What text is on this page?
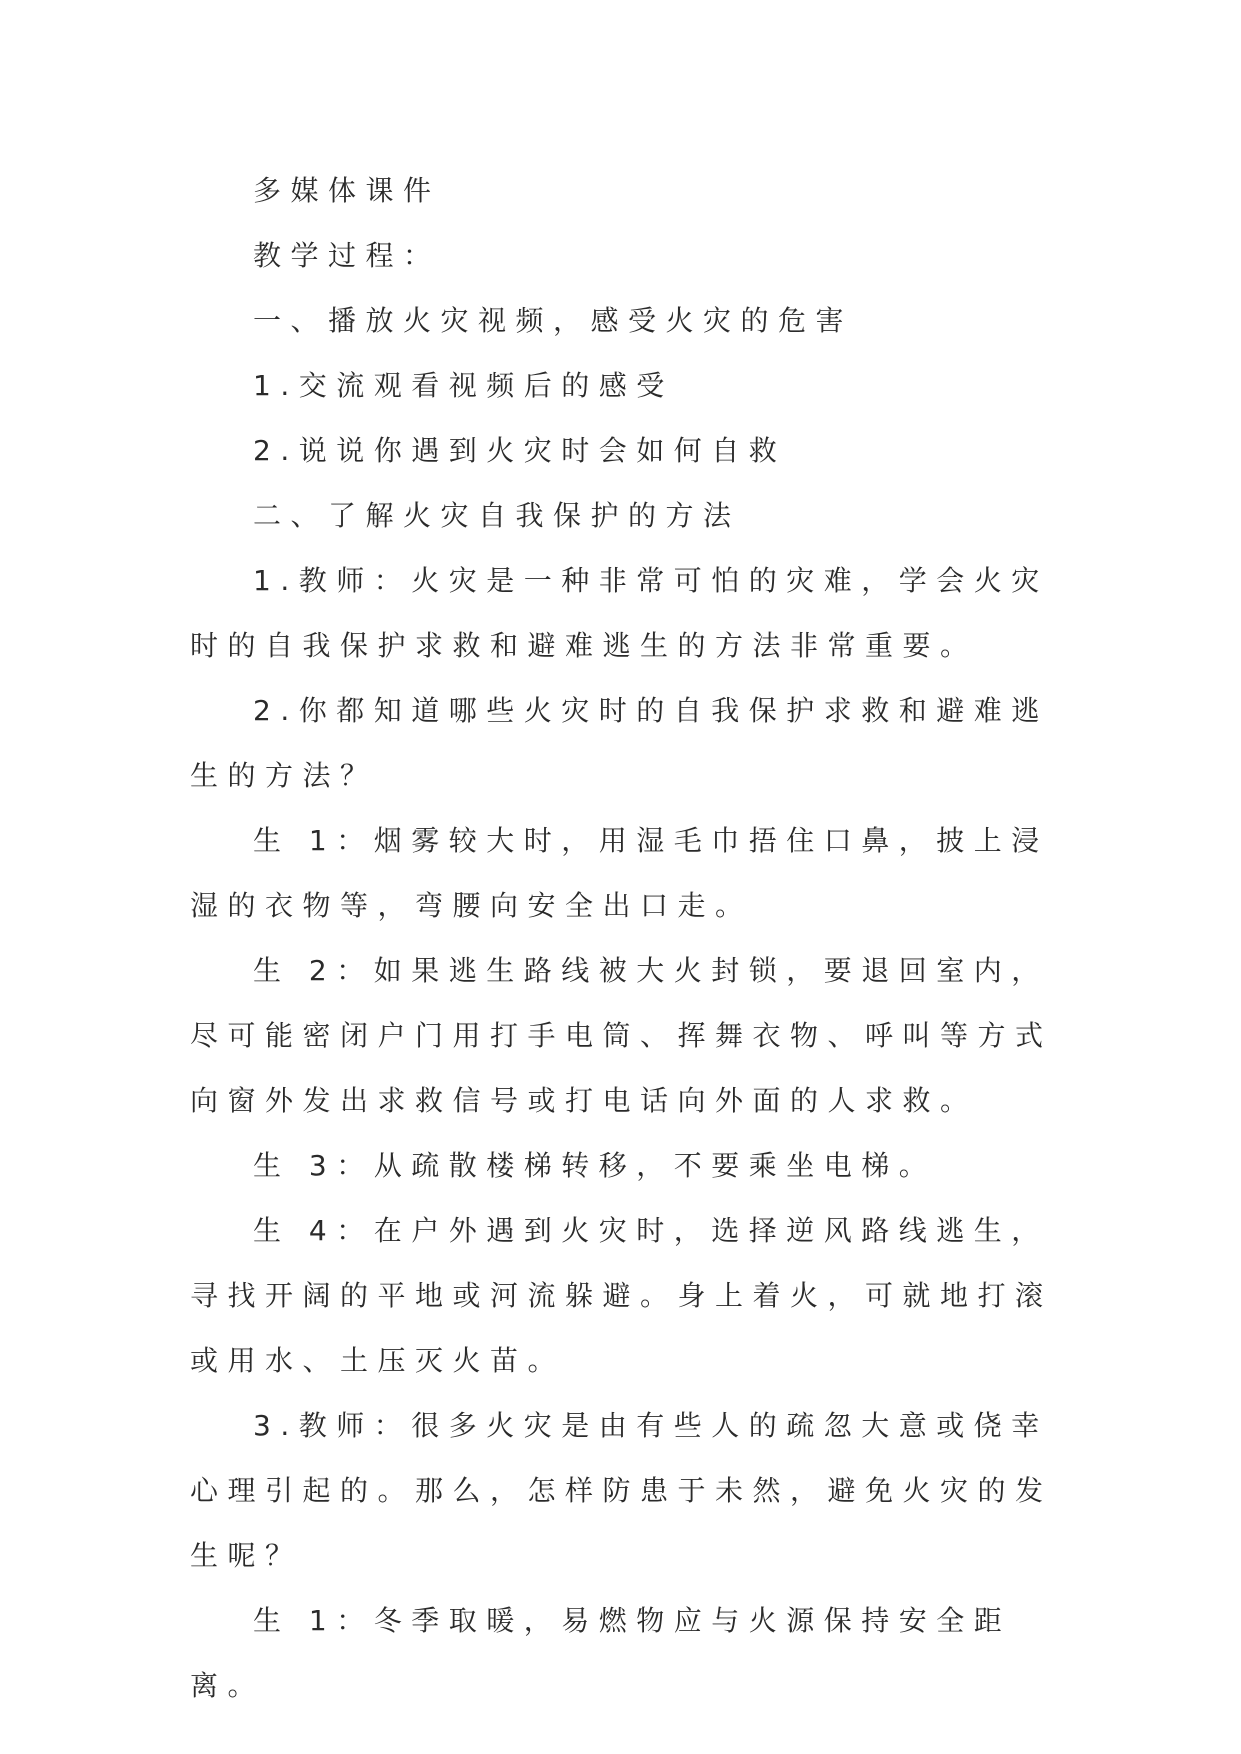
多媒体课件

教学过程：

一、播放火灾视频，感受火灾的危害

1.交流观看视频后的感受

2.说说你遇到火灾时会如何自救

二、了解火灾自我保护的方法

1.教师：火灾是一种非常可怕的灾难，学会火灾时的自我保护求救和避难逃生的方法非常重要。

2.你都知道哪些火灾时的自我保护求救和避难逃生的方法？

生 1：烟雾较大时，用湿毛巾捂住口鼻，披上浸湿的衣物等，弯腰向安全出口走。

生 2：如果逃生路线被大火封锁，要退回室内，尽可能密闭户门用打手电筒、挥舞衣物、呼叫等方式向窗外发出求救信号或打电话向外面的人求救。

生 3：从疏散楼梯转移，不要乘坐电梯。

生 4：在户外遇到火灾时，选择逆风路线逃生，寻找开阔的平地或河流躲避。身上着火，可就地打滚或用水、土压灭火苗。

3.教师：很多火灾是由有些人的疏忽大意或侥幸心理引起的。那么，怎样防患于未然，避免火灾的发生呢？

生 1：冬季取暖，易燃物应与火源保持安全距离。
